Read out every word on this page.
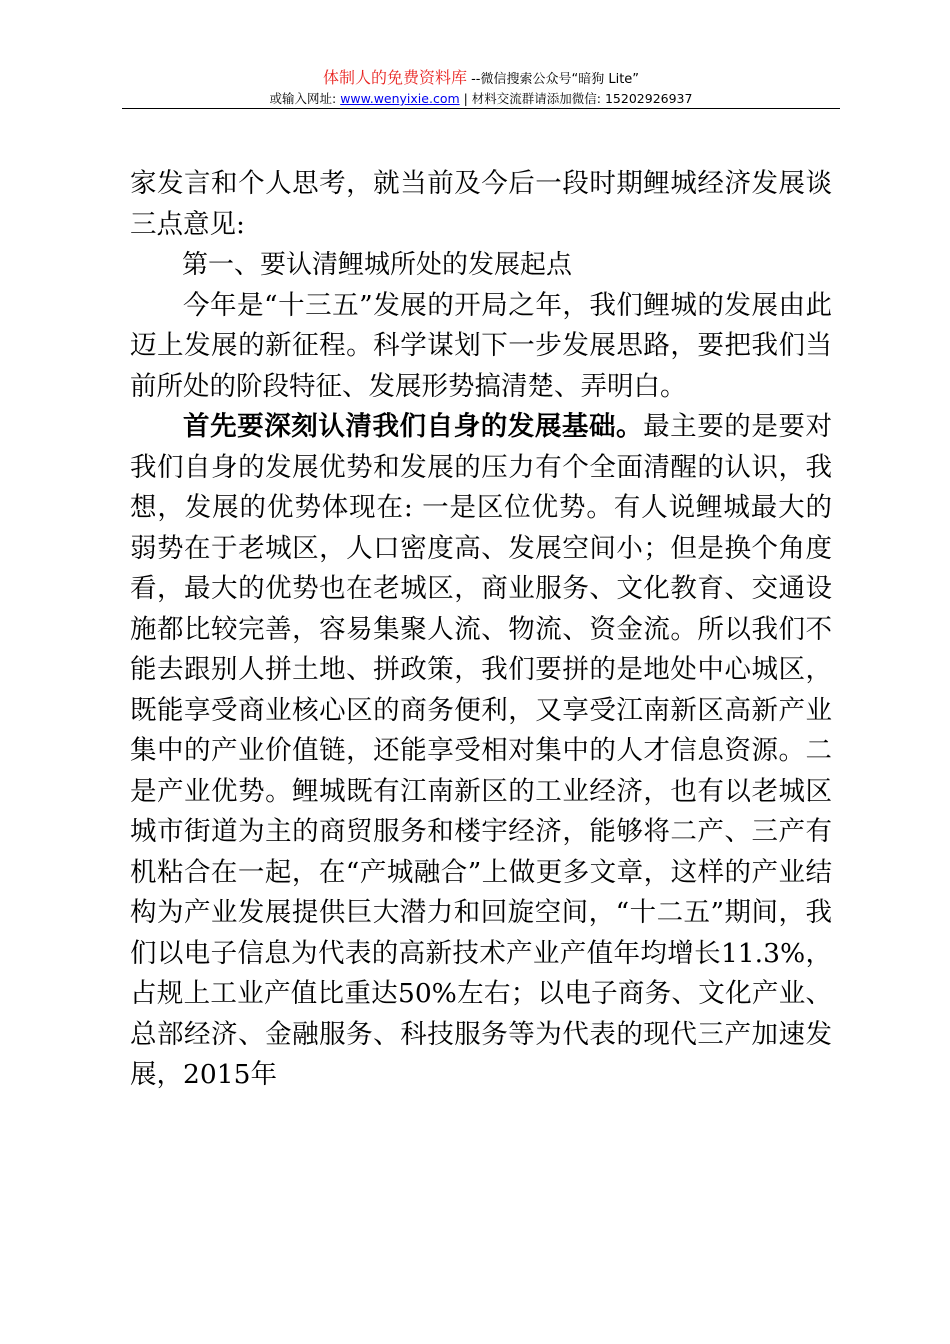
体制人的免费资料库 --微信搜索公众号“暗狗 Lite”
或输入网址: www.wenyixie.com | 材料交流群请添加微信: 15202926937

家发言和个人思考，就当前及今后一段时期鲤城经济发展谈三点意见:

第一、要认清鲤城所处的发展起点

今年是“十三五”发展的开局之年，我们鲤城的发展由此迈上发展的新征程。科学谋划下一步发展思路，要把我们当前所处的阶段特征、发展形势搞清楚、弄明白。

首先要深刻认清我们自身的发展基础。最主要的是要对我们自身的发展优势和发展的压力有个全面清醒的认识，我想，发展的优势体现在: 一是区位优势。有人说鲤城最大的弱势在于老城区，人口密度高、发展空间小；但是换个角度看，最大的优势也在老城区，商业服务、文化教育、交通设施都比较完善，容易集聚人流、物流、资金流。所以我们不能去跟别人拼土地、拼政策，我们要拼的是地处中心城区，既能享受商业核心区的商务便利，又享受江南新区高新产业集中的产业价值链，还能享受相对集中的人才信息资源。二是产业优势。鲤城既有江南新区的工业经济，也有以老城区城市街道为主的商贸服务和楼宇经济，能够将二产、三产有机粘合在一起，在“产城融合”上做更多文章，这样的产业结构为产业发展提供巨大潜力和回旋空间，“十二五”期间，我们以电子信息为代表的高新技术产业产值年均增长11.3%，占规上工业产值比重达50%左右；以电子商务、文化产业、总部经济、金融服务、科技服务等为代表的现代三产加速发展，2015年
